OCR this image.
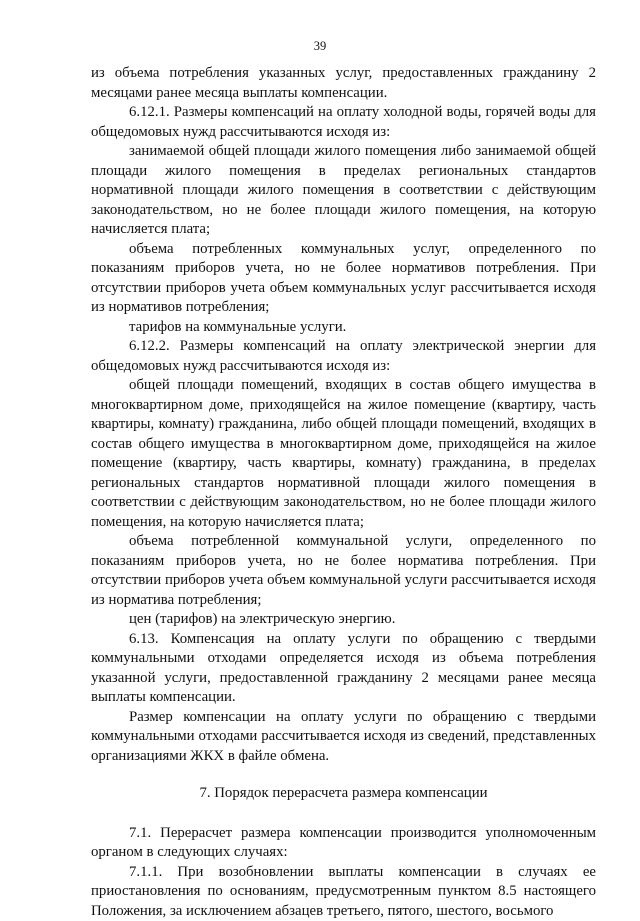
39

из объема потребления указанных услуг, предоставленных гражданину 2 месяцами ранее месяца выплаты компенсации.

6.12.1. Размеры компенсаций на оплату холодной воды, горячей воды для общедомовых нужд рассчитываются исходя из:

занимаемой общей площади жилого помещения либо занимаемой общей площади жилого помещения в пределах региональных стандартов нормативной площади жилого помещения в соответствии с действующим законодательством, но не более площади жилого помещения, на которую начисляется плата;

объема потребленных коммунальных услуг, определенного по показаниям приборов учета, но не более нормативов потребления. При отсутствии приборов учета объем коммунальных услуг рассчитывается исходя из нормативов потребления;

тарифов на коммунальные услуги.

6.12.2. Размеры компенсаций на оплату электрической энергии для общедомовых нужд рассчитываются исходя из:

общей площади помещений, входящих в состав общего имущества в многоквартирном доме, приходящейся на жилое помещение (квартиру, часть квартиры, комнату) гражданина, либо общей площади помещений, входящих в состав общего имущества в многоквартирном доме, приходящейся на жилое помещение (квартиру, часть квартиры, комнату) гражданина, в пределах региональных стандартов нормативной площади жилого помещения в соответствии с действующим законодательством, но не более площади жилого помещения, на которую начисляется плата;

объема потребленной коммунальной услуги, определенного по показаниям приборов учета, но не более норматива потребления. При отсутствии приборов учета объем коммунальной услуги рассчитывается исходя из норматива потребления;

цен (тарифов) на электрическую энергию.

6.13. Компенсация на оплату услуги по обращению с твердыми коммунальными отходами определяется исходя из объема потребления указанной услуги, предоставленной гражданину 2 месяцами ранее месяца выплаты компенсации.

Размер компенсации на оплату услуги по обращению с твердыми коммунальными отходами рассчитывается исходя из сведений, представленных организациями ЖКХ в файле обмена.

7. Порядок перерасчета размера компенсации

7.1. Перерасчет размера компенсации производится уполномоченным органом в следующих случаях:

7.1.1. При возобновлении выплаты компенсации в случаях ее приостановления по основаниям, предусмотренным пунктом 8.5 настоящего Положения, за исключением абзацев третьего, пятого, шестого, восьмого
